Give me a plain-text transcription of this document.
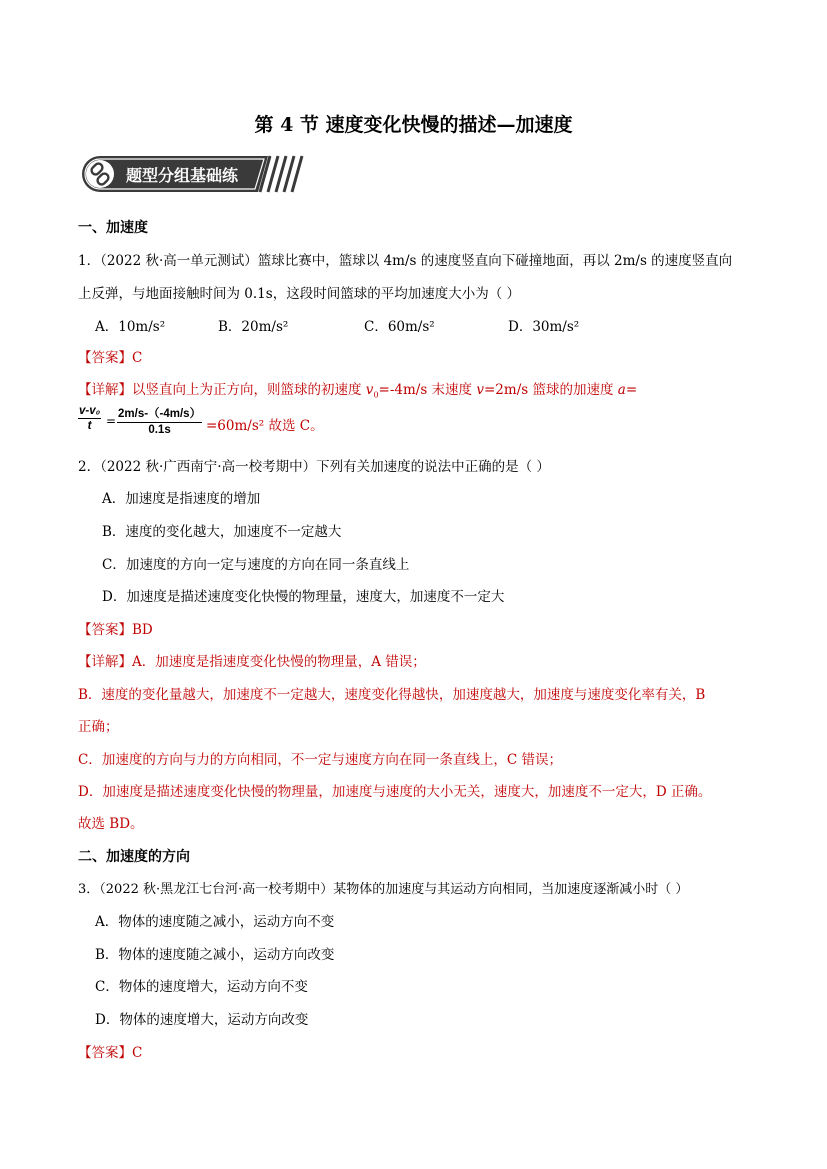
第 4 节 速度变化快慢的描述—加速度
题型分组基础练
一、加速度
1．（2022 秋·高一单元测试）篮球比赛中，篮球以 4m/s 的速度竖直向下碰撞地面，再以 2m/s 的速度竖直向
上反弹，与地面接触时间为 0.1s，这段时间篮球的平均加速度大小为（ ）
A．10m/s²	B．20m/s²	C．60m/s²	D．30m/s²
【答案】C
【详解】以竖直向上为正方向，则篮球的初速度 $v_0=-4m/s$ 末速度 v=2m/s 篮球的加速度 a=
$\frac{\text{v-v₀}}{t} = \frac{2m/s-(-4m/s)}{0.1s} =60m/s^2$ 故选 C。
2．（2022 秋·广西南宁·高一校考期中）下列有关加速度的说法中正确的是（ ）
A．加速度是指速度的增加
B．速度的变化越大，加速度不一定越大
C．加速度的方向一定与速度的方向在同一条直线上
D．加速度是描述速度变化快慢的物理量，速度大，加速度不一定大
【答案】BD
【详解】A．加速度是指速度变化快慢的物理量，A 错误；
B．速度的变化量越大，加速度不一定越大，速度变化得越快，加速度越大，加速度与速度变化率有关，B
正确；
C．加速度的方向与力的方向相同，不一定与速度方向在同一条直线上，C 错误；
D．加速度是描述速度变化快慢的物理量，加速度与速度的大小无关，速度大，加速度不一定大，D 正确。
故选 BD。
二、加速度的方向
3．（2022 秋·黑龙江七台河·高一校考期中）某物体的加速度与其运动方向相同，当加速度逐渐减小时（ ）
A．物体的速度随之减小，运动方向不变
B．物体的速度随之减小，运动方向改变
C．物体的速度增大，运动方向不变
D．物体的速度增大，运动方向改变
【答案】C
